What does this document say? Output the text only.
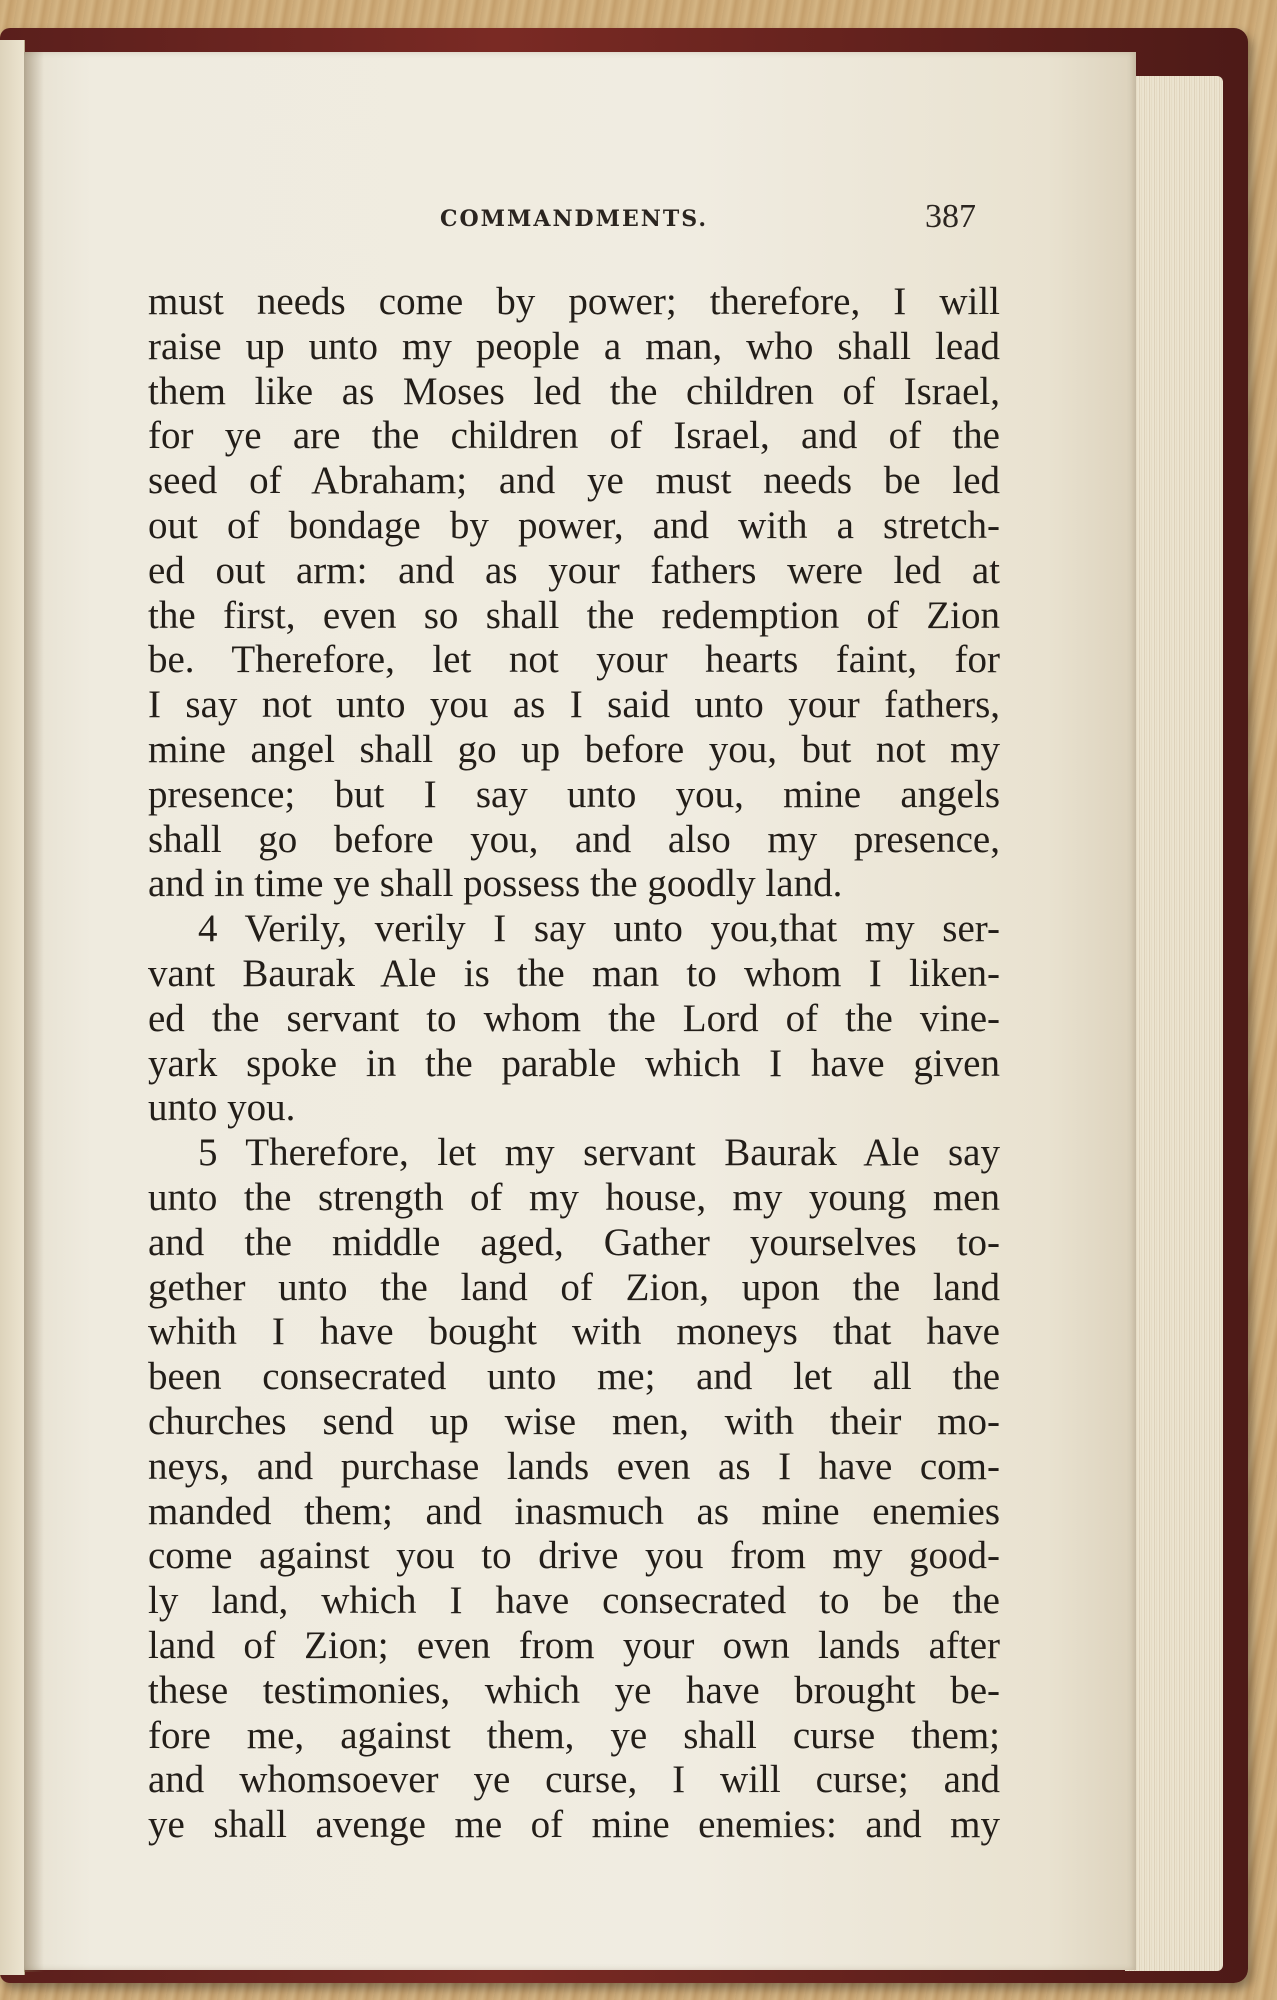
COMMANDMENTS.	387
must needs come by power; therefore, I will
raise up unto my people a man, who shall lead
them like as Moses led the children of Israel,
for ye are the children of Israel, and of the
seed of Abraham; and ye must needs be led
out of bondage by power, and with a stretch-
ed out arm: and as your fathers were led at
the first, even so shall the redemption of Zion
be. Therefore, let not your hearts faint, for
I say not unto you as I said unto your fathers,
mine angel shall go up before you, but not my
presence; but I say unto you, mine angels
shall go before you, and also my presence,
and in time ye shall possess the goodly land.
4 Verily, verily I say unto you,that my ser-
vant Baurak Ale is the man to whom I liken-
ed the servant to whom the Lord of the vine-
yark spoke in the parable which I have given
unto you.
5 Therefore, let my servant Baurak Ale say
unto the strength of my house, my young men
and the middle aged, Gather yourselves to-
gether unto the land of Zion, upon the land
whith I have bought with moneys that have
been consecrated unto me; and let all the
churches send up wise men, with their mo-
neys, and purchase lands even as I have com-
manded them; and inasmuch as mine enemies
come against you to drive you from my good-
ly land, which I have consecrated to be the
land of Zion; even from your own lands after
these testimonies, which ye have brought be-
fore me, against them, ye shall curse them;
and whomsoever ye curse, I will curse; and
ye shall avenge me of mine enemies: and my
